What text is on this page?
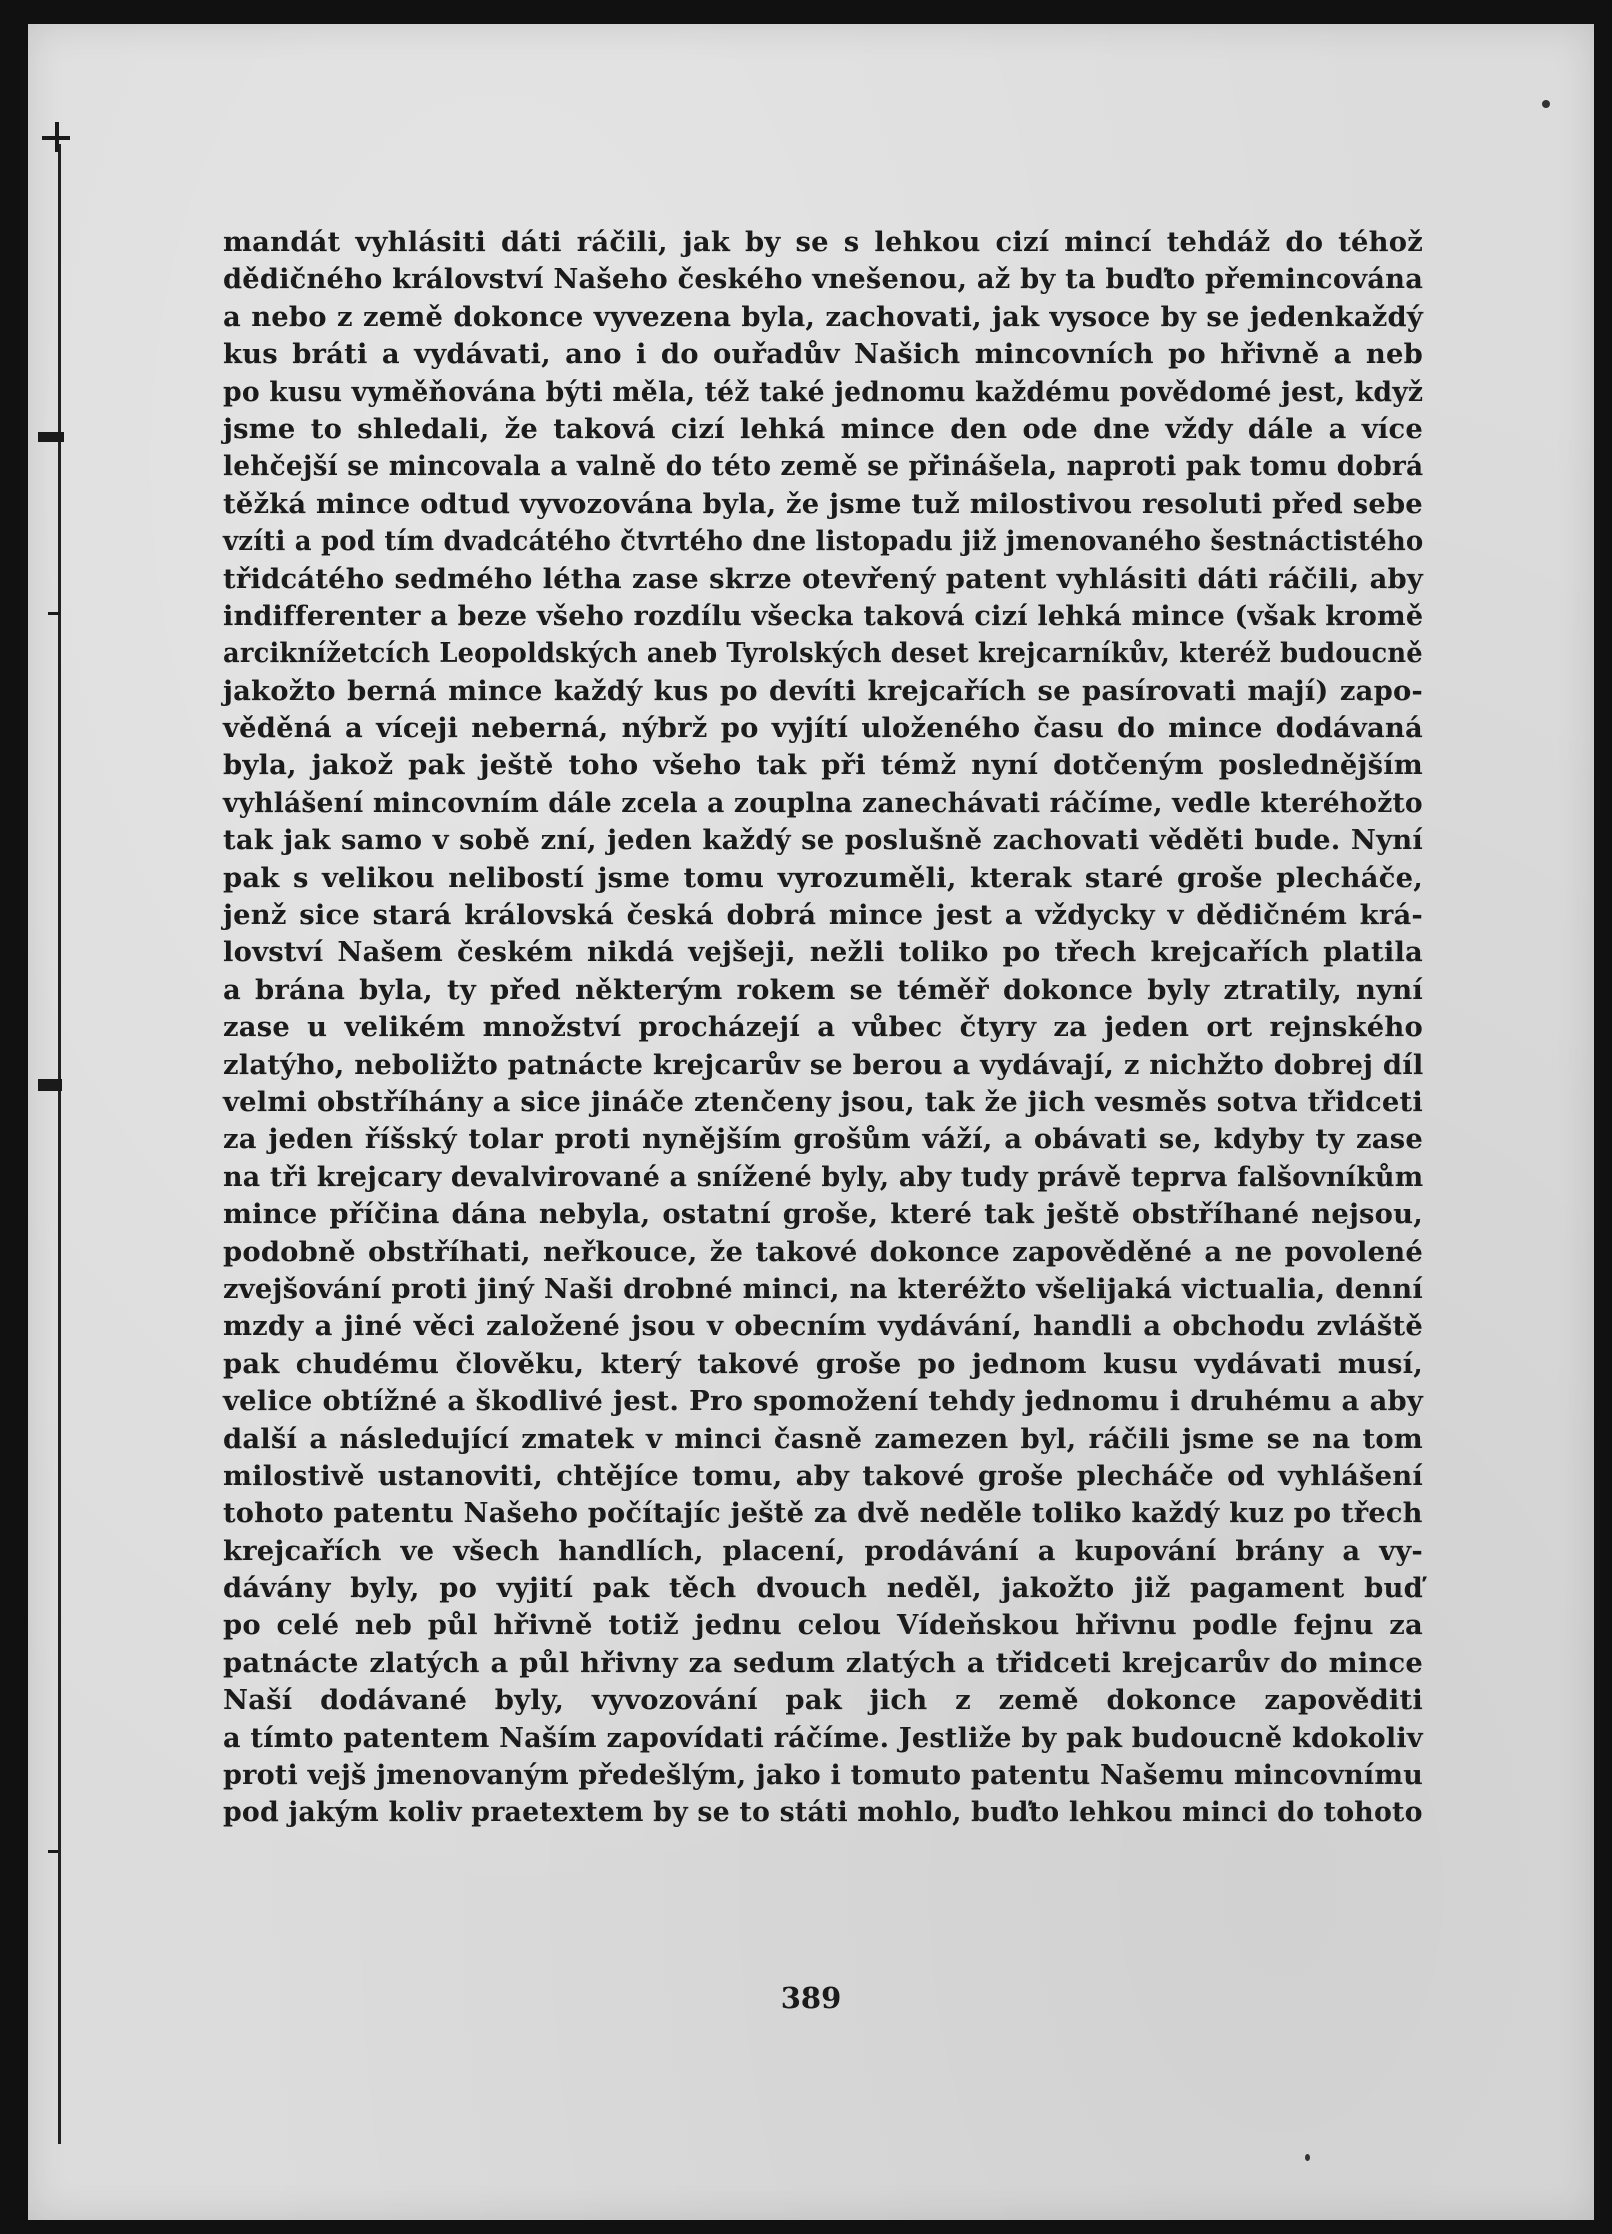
mandát vyhlásiti dáti ráčili, jak by se s lehkou cizí mincí tehdáž do téhož
dědičného království Našeho českého vnešenou, až by ta buďto přemincována
a nebo z země dokonce vyvezena byla, zachovati, jak vysoce by se jedenkaždý
kus bráti a vydávati, ano i do ouřadův Našich mincovních po hřivně a neb
po kusu vyměňována býti měla, též také jednomu každému povědomé jest, když
jsme to shledali, že taková cizí lehká mince den ode dne vždy dále a více
lehčejší se mincovala a valně do této země se přinášela, naproti pak tomu dobrá
těžká mince odtud vyvozována byla, že jsme tuž milostivou resoluti před sebe
vzíti a pod tím dvadcátého čtvrtého dne listopadu již jmenovaného šestnáctistého
třidcátého sedmého létha zase skrze otevřený patent vyhlásiti dáti ráčili, aby
indifferenter a beze všeho rozdílu všecka taková cizí lehká mince (však kromě
arciknížetcích Leopoldských aneb Tyrolských deset krejcarníkův, kteréž budoucně
jakožto berná mince každý kus po devíti krejcařích se pasírovati mají) zapo-
věděná a víceji neberná, nýbrž po vyjítí uloženého času do mince dodávaná
byla, jakož pak ještě toho všeho tak při témž nyní dotčeným poslednějším
vyhlášení mincovním dále zcela a zouplna zanechávati ráčíme, vedle kteréhožto
tak jak samo v sobě zní, jeden každý se poslušně zachovati věděti bude. Nyní
pak s velikou nelibostí jsme tomu vyrozuměli, kterak staré groše plecháče,
jenž sice stará královská česká dobrá mince jest a vždycky v dědičném krá-
lovství Našem českém nikdá vejšeji, nežli toliko po třech krejcařích platila
a brána byla, ty před některým rokem se téměř dokonce byly ztratily, nyní
zase u velikém množství procházejí a vůbec čtyry za jeden ort rejnského
zlatýho, neboližto patnácte krejcarův se berou a vydávají, z nichžto dobrej díl
velmi obstříhány a sice jináče ztenčeny jsou, tak že jich vesměs sotva třidceti
za jeden říšský tolar proti nynějším grošům váží, a obávati se, kdyby ty zase
na tři krejcary devalvirované a snížené byly, aby tudy právě teprva falšovníkům
mince příčina dána nebyla, ostatní groše, které tak ještě obstříhané nejsou,
podobně obstříhati, neřkouce, že takové dokonce zapověděné a ne povolené
zvejšování proti jiný Naši drobné minci, na kteréžto všelijaká victualia, denní
mzdy a jiné věci založené jsou v obecním vydávání, handli a obchodu zvláště
pak chudému člověku, který takové groše po jednom kusu vydávati musí,
velice obtížné a škodlivé jest. Pro spomožení tehdy jednomu i druhému a aby
další a následující zmatek v minci časně zamezen byl, ráčili jsme se na tom
milostivě ustanoviti, chtějíce tomu, aby takové groše plecháče od vyhlášení
tohoto patentu Našeho počítajíc ještě za dvě neděle toliko každý kuz po třech
krejcařích ve všech handlích, placení, prodávání a kupování brány a vy-
dávány byly, po vyjití pak těch dvouch neděl, jakožto již pagament buď
po celé neb půl hřivně totiž jednu celou Vídeňskou hřivnu podle fejnu za
patnácte zlatých a půl hřivny za sedum zlatých a třidceti krejcarův do mince
Naší dodávané byly, vyvozování pak jich z země dokonce zapověditi
a tímto patentem Naším zapovídati ráčíme. Jestliže by pak budoucně kdokoliv
proti vejš jmenovaným předešlým, jako i tomuto patentu Našemu mincovnímu
pod jakým koliv praetextem by se to státi mohlo, buďto lehkou minci do tohoto
389
